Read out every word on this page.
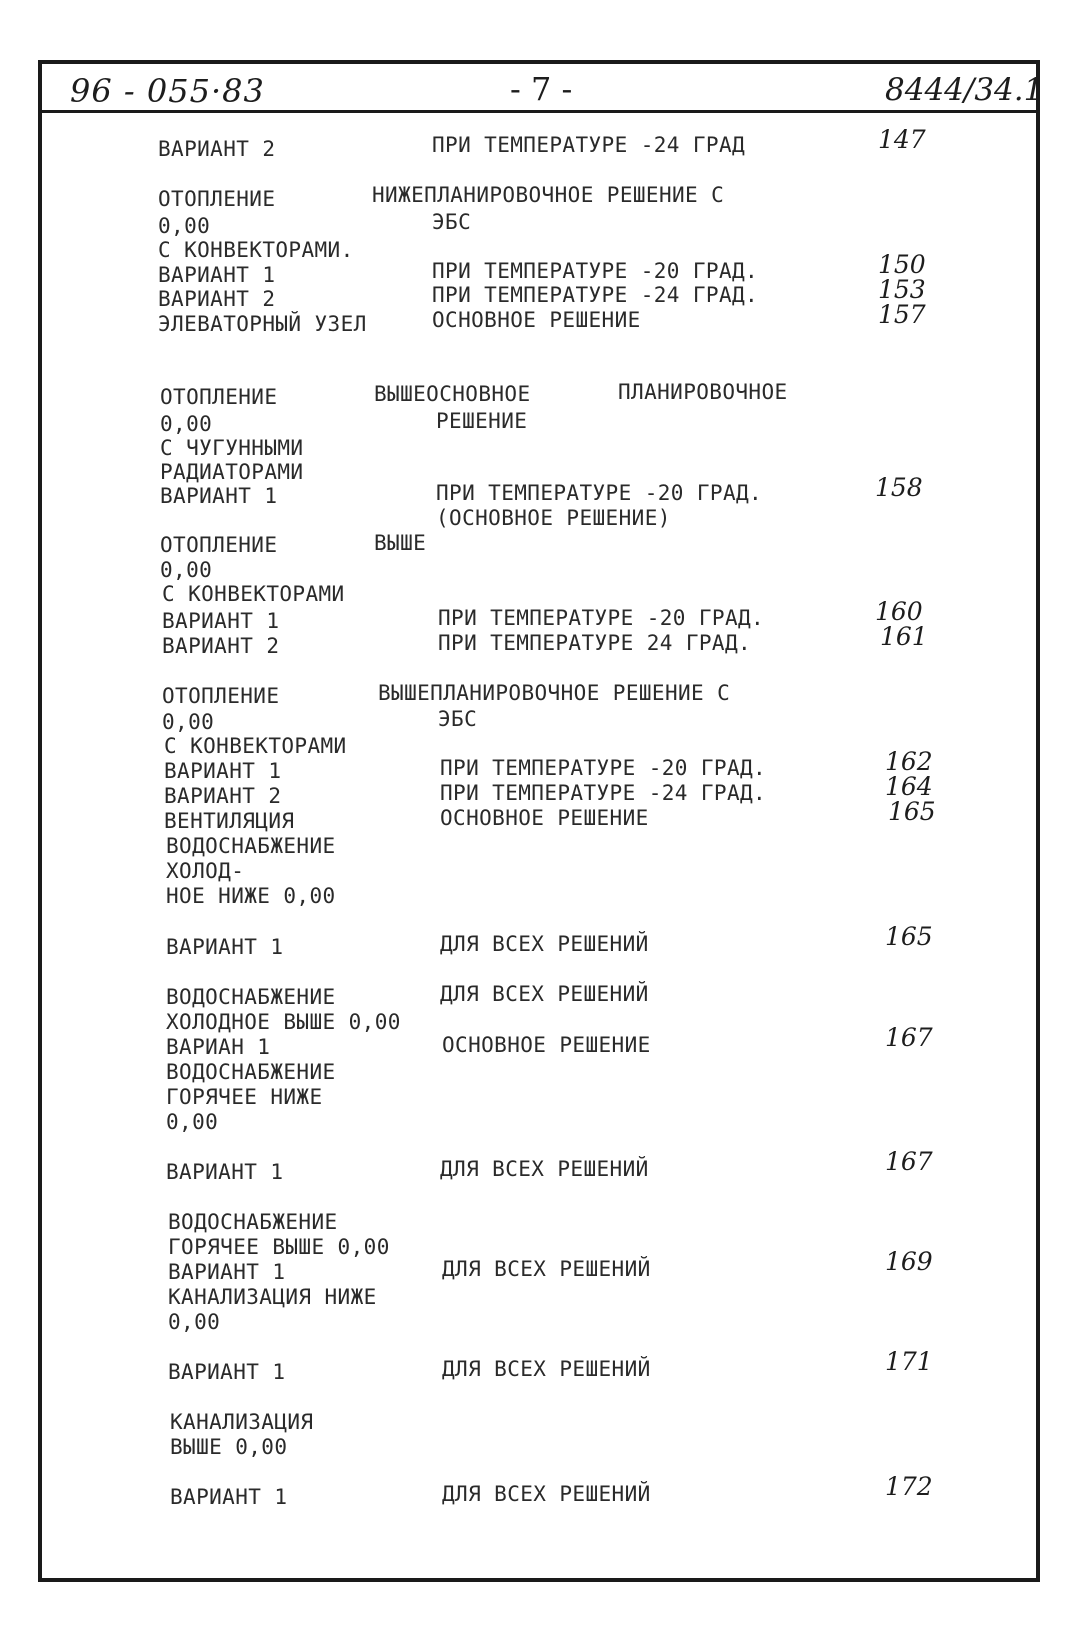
96 - 055·83	- 7 -	8444/34.1
ВАРИАНТ 2	ПРИ ТЕМПЕРАТУРЕ -24 ГРАД	147
ОТОПЛЕНИЕ	НИЖЕПЛАНИРОВОЧНОЕ РЕШЕНИЕ С
0,00	ЭБС
С КОНВЕКТОРАМИ.
ВАРИАНТ 1	ПРИ ТЕМПЕРАТУРЕ -20 ГРАД.	150
ВАРИАНТ 2	ПРИ ТЕМПЕРАТУРЕ -24 ГРАД.	153
ЭЛЕВАТОРНЫЙ УЗЕЛ	ОСНОВНОЕ РЕШЕНИЕ	157
ОТОПЛЕНИЕ	ВЫШЕОСНОВНОЕ	ПЛАНИРОВОЧНОЕ
0,00	РЕШЕНИЕ
С ЧУГУННЫМИ
РАДИАТОРАМИ
ВАРИАНТ 1	ПРИ ТЕМПЕРАТУРЕ -20 ГРАД.	158
(ОСНОВНОЕ РЕШЕНИЕ)
ОТОПЛЕНИЕ	ВЫШЕ
0,00
С КОНВЕКТОРАМИ
ВАРИАНТ 1	ПРИ ТЕМПЕРАТУРЕ -20 ГРАД.	160
ВАРИАНТ 2	ПРИ ТЕМПЕРАТУРЕ 24 ГРАД.	161
ОТОПЛЕНИЕ	ВЫШЕПЛАНИРОВОЧНОЕ РЕШЕНИЕ С
0,00	ЭБС
С КОНВЕКТОРАМИ
ВАРИАНТ 1	ПРИ ТЕМПЕРАТУРЕ -20 ГРАД.	162
ВАРИАНТ 2	ПРИ ТЕМПЕРАТУРЕ -24 ГРАД.	164
ВЕНТИЛЯЦИЯ	ОСНОВНОЕ РЕШЕНИЕ	165
ВОДОСНАБЖЕНИЕ
ХОЛОД-
НОЕ НИЖЕ 0,00
ВАРИАНТ 1	ДЛЯ ВСЕХ РЕШЕНИЙ	165
ВОДОСНАБЖЕНИЕ	ДЛЯ ВСЕХ РЕШЕНИЙ
ХОЛОДНОЕ ВЫШЕ 0,00
ВАРИАН 1	ОСНОВНОЕ РЕШЕНИЕ	167
ВОДОСНАБЖЕНИЕ
ГОРЯЧЕЕ НИЖЕ
0,00
ВАРИАНТ 1	ДЛЯ ВСЕХ РЕШЕНИЙ	167
ВОДОСНАБЖЕНИЕ
ГОРЯЧЕЕ ВЫШЕ 0,00
ВАРИАНТ 1	ДЛЯ ВСЕХ РЕШЕНИЙ	169
КАНАЛИЗАЦИЯ НИЖЕ
0,00
ВАРИАНТ 1	ДЛЯ ВСЕХ РЕШЕНИЙ	171
КАНАЛИЗАЦИЯ
ВЫШЕ 0,00
ВАРИАНТ 1	ДЛЯ ВСЕХ РЕШЕНИЙ	172
